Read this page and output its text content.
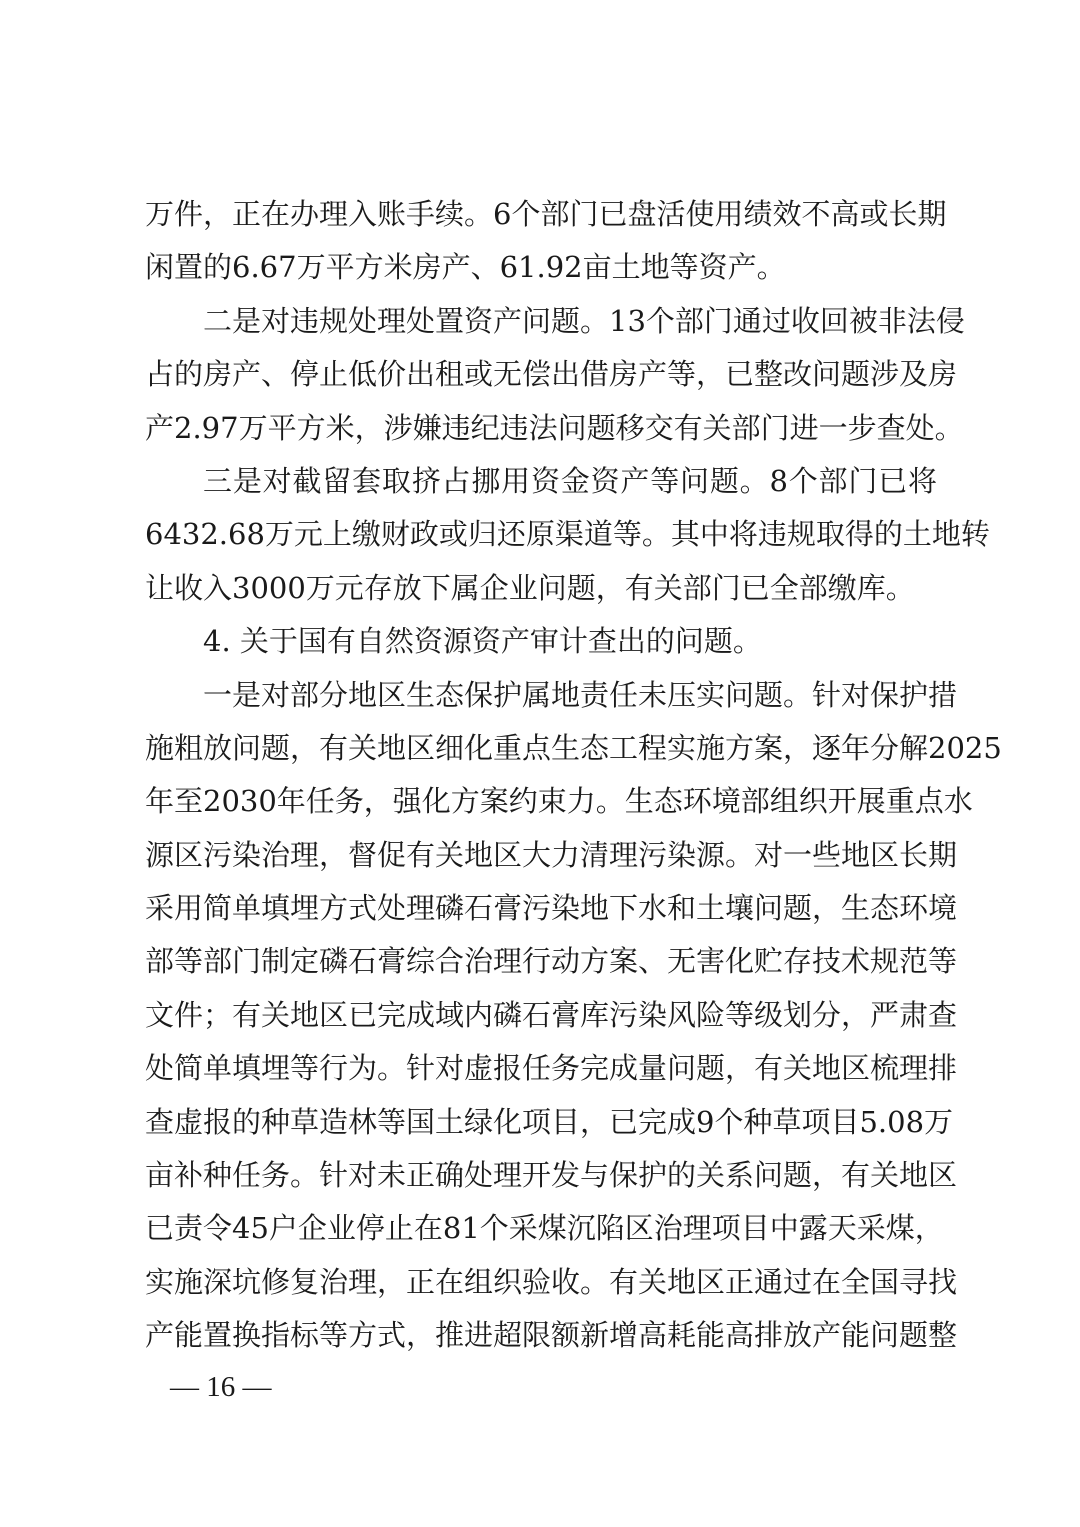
万件，正在办理入账手续。6个部门已盘活使用绩效不高或长期
闲置的6.67万平方米房产、61.92亩土地等资产。
二是对违规处理处置资产问题。13个部门通过收回被非法侵
占的房产、停止低价出租或无偿出借房产等，已整改问题涉及房
产2.97万平方米，涉嫌违纪违法问题移交有关部门进一步查处。
三是对截留套取挤占挪用资金资产等问题。8个部门已将
6432.68万元上缴财政或归还原渠道等。其中将违规取得的土地转
让收入3000万元存放下属企业问题，有关部门已全部缴库。
4. 关于国有自然资源资产审计查出的问题。
一是对部分地区生态保护属地责任未压实问题。针对保护措
施粗放问题，有关地区细化重点生态工程实施方案，逐年分解2025
年至2030年任务，强化方案约束力。生态环境部组织开展重点水
源区污染治理，督促有关地区大力清理污染源。对一些地区长期
采用简单填埋方式处理磷石膏污染地下水和土壤问题，生态环境
部等部门制定磷石膏综合治理行动方案、无害化贮存技术规范等
文件；有关地区已完成域内磷石膏库污染风险等级划分，严肃查
处简单填埋等行为。针对虚报任务完成量问题，有关地区梳理排
查虚报的种草造林等国土绿化项目，已完成9个种草项目5.08万
亩补种任务。针对未正确处理开发与保护的关系问题，有关地区
已责令45户企业停止在81个采煤沉陷区治理项目中露天采煤，
实施深坑修复治理，正在组织验收。有关地区正通过在全国寻找
产能置换指标等方式，推进超限额新增高耗能高排放产能问题整
— 16 —
